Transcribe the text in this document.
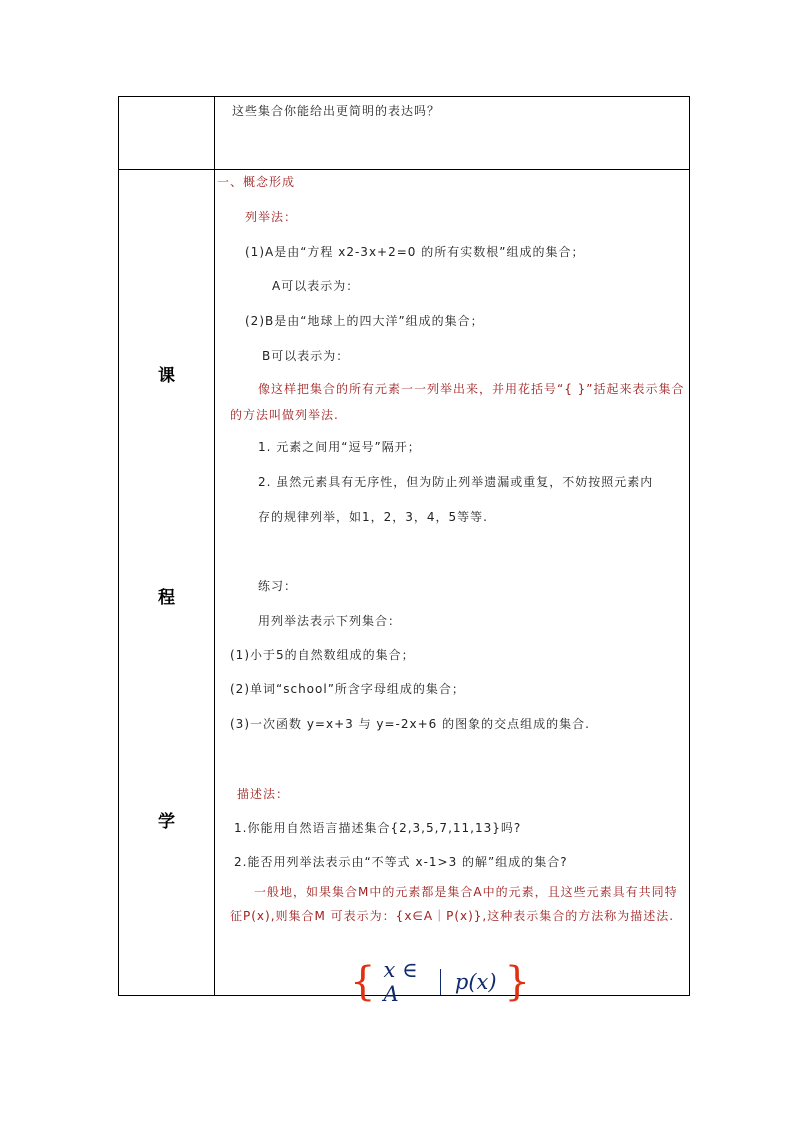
课
程
学
这些集合你能给出更简明的表达吗？
一、概念形成
列举法：
(1)A是由“方程 x2-3x+2=0 的所有实数根”组成的集合；
A可以表示为：
(2)B是由“地球上的四大洋”组成的集合；
B可以表示为：
像这样把集合的所有元素一一列举出来，并用花括号“{ }”括起来表示集合的方法叫做列举法.
1. 元素之间用“逗号”隔开；
2. 虽然元素具有无序性，但为防止列举遗漏或重复，不妨按照元素内
存的规律列举，如1，2，3，4，5等等.
练习：
用列举法表示下列集合：
(1)小于5的自然数组成的集合；
(2)单词“school”所含字母组成的集合；
(3)一次函数 y=x+3 与 y=-2x+6 的图象的交点组成的集合.
描述法：
1.你能用自然语言描述集合{2,3,5,7,11,13}吗?
2.能否用列举法表示由“不等式 x-1>3 的解”组成的集合?
一般地，如果集合M中的元素都是集合A中的元素，且这些元素具有共同特征P(x),则集合M 可表示为：{x∈A｜P(x)},这种表示集合的方法称为描述法.
{ x ∈ A	p(x) }
